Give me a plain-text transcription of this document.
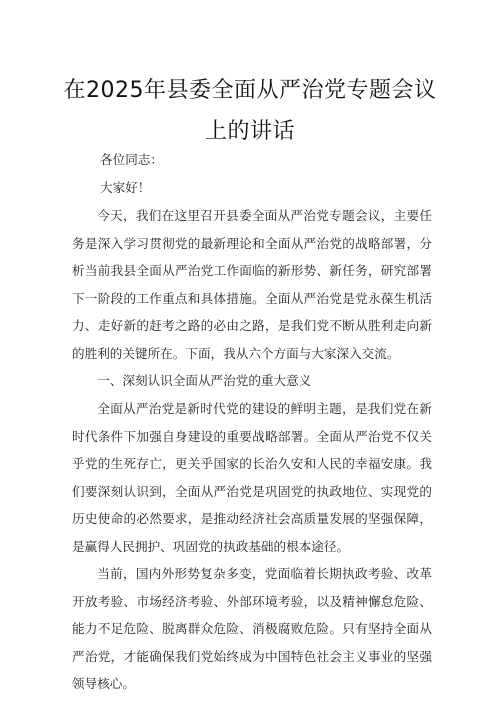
在2025年县委全面从严治党专题会议
上的讲话

各位同志：

大家好！

今天，我们在这里召开县委全面从严治党专题会议，主要任务是深入学习贯彻党的最新理论和全面从严治党的战略部署，分析当前我县全面从严治党工作面临的新形势、新任务，研究部署下一阶段的工作重点和具体措施。全面从严治党是党永葆生机活力、走好新的赶考之路的必由之路，是我们党不断从胜利走向新的胜利的关键所在。下面，我从六个方面与大家深入交流。

一、深刻认识全面从严治党的重大意义

全面从严治党是新时代党的建设的鲜明主题，是我们党在新时代条件下加强自身建设的重要战略部署。全面从严治党不仅关乎党的生死存亡，更关乎国家的长治久安和人民的幸福安康。我们要深刻认识到，全面从严治党是巩固党的执政地位、实现党的历史使命的必然要求，是推动经济社会高质量发展的坚强保障，是赢得人民拥护、巩固党的执政基础的根本途径。

当前，国内外形势复杂多变，党面临着长期执政考验、改革开放考验、市场经济考验、外部环境考验，以及精神懈怠危险、能力不足危险、脱离群众危险、消极腐败危险。只有坚持全面从严治党，才能确保我们党始终成为中国特色社会主义事业的坚强领导核心。
